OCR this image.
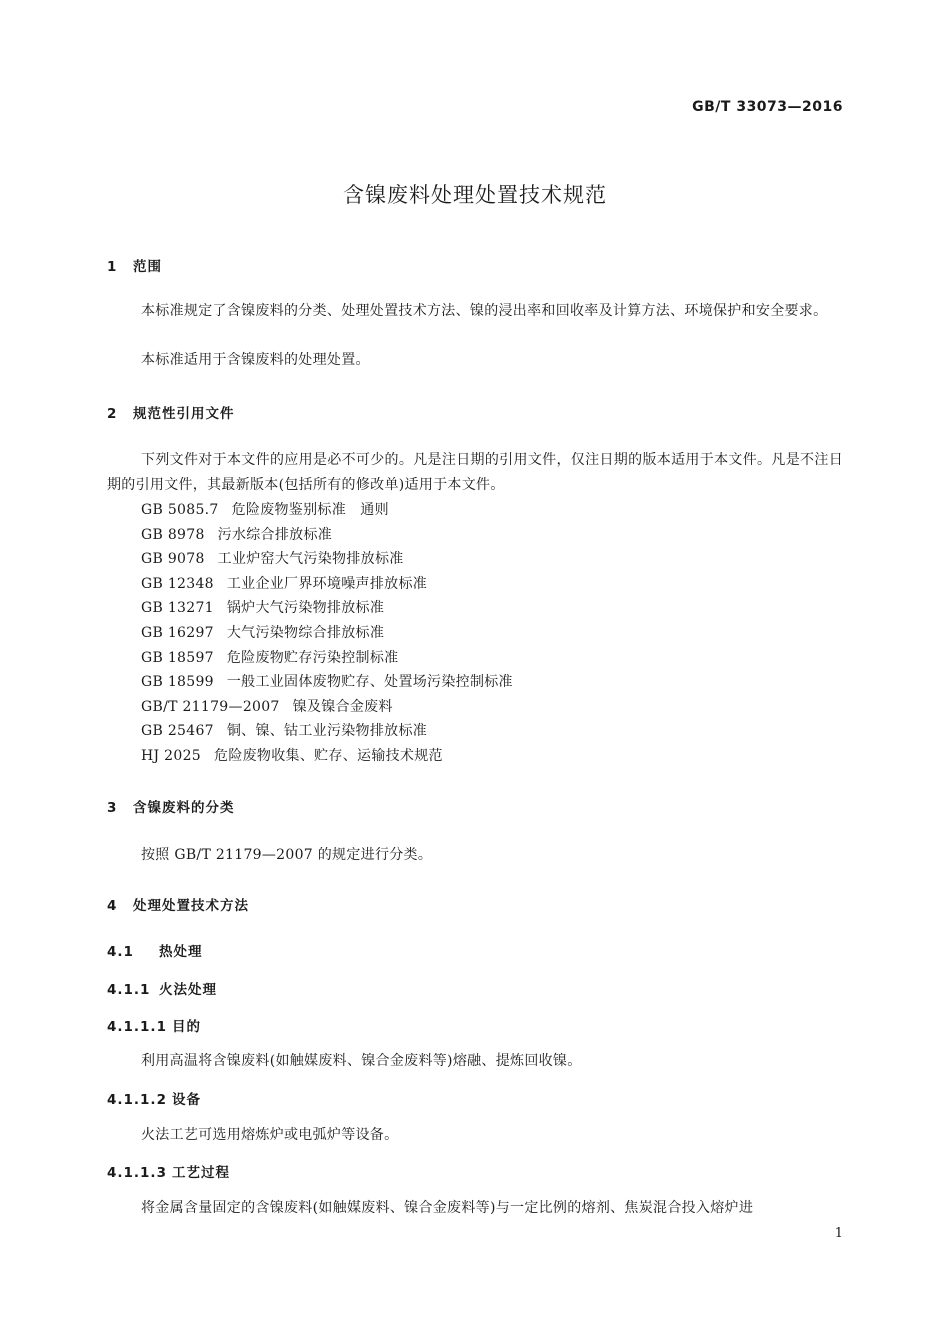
GB/T 33073—2016
含镍废料处理处置技术规范
1 范围
本标准规定了含镍废料的分类、处理处置技术方法、镍的浸出率和回收率及计算方法、环境保护和安全要求。
本标准适用于含镍废料的处理处置。
2 规范性引用文件
下列文件对于本文件的应用是必不可少的。凡是注日期的引用文件，仅注日期的版本适用于本文件。凡是不注日期的引用文件，其最新版本(包括所有的修改单)适用于本文件。
GB 5085.7 危险废物鉴别标准　通则
GB 8978 污水综合排放标准
GB 9078 工业炉窑大气污染物排放标准
GB 12348 工业企业厂界环境噪声排放标准
GB 13271 锅炉大气污染物排放标准
GB 16297 大气污染物综合排放标准
GB 18597 危险废物贮存污染控制标准
GB 18599 一般工业固体废物贮存、处置场污染控制标准
GB/T 21179—2007 镍及镍合金废料
GB 25467 铜、镍、钴工业污染物排放标准
HJ 2025 危险废物收集、贮存、运输技术规范
3 含镍废料的分类
按照 GB/T 21179—2007 的规定进行分类。
4 处理处置技术方法
4.1 热处理
4.1.1 火法处理
4.1.1.1 目的
利用高温将含镍废料(如触媒废料、镍合金废料等)熔融、提炼回收镍。
4.1.1.2 设备
火法工艺可选用熔炼炉或电弧炉等设备。
4.1.1.3 工艺过程
将金属含量固定的含镍废料(如触媒废料、镍合金废料等)与一定比例的熔剂、焦炭混合投入熔炉进
1
